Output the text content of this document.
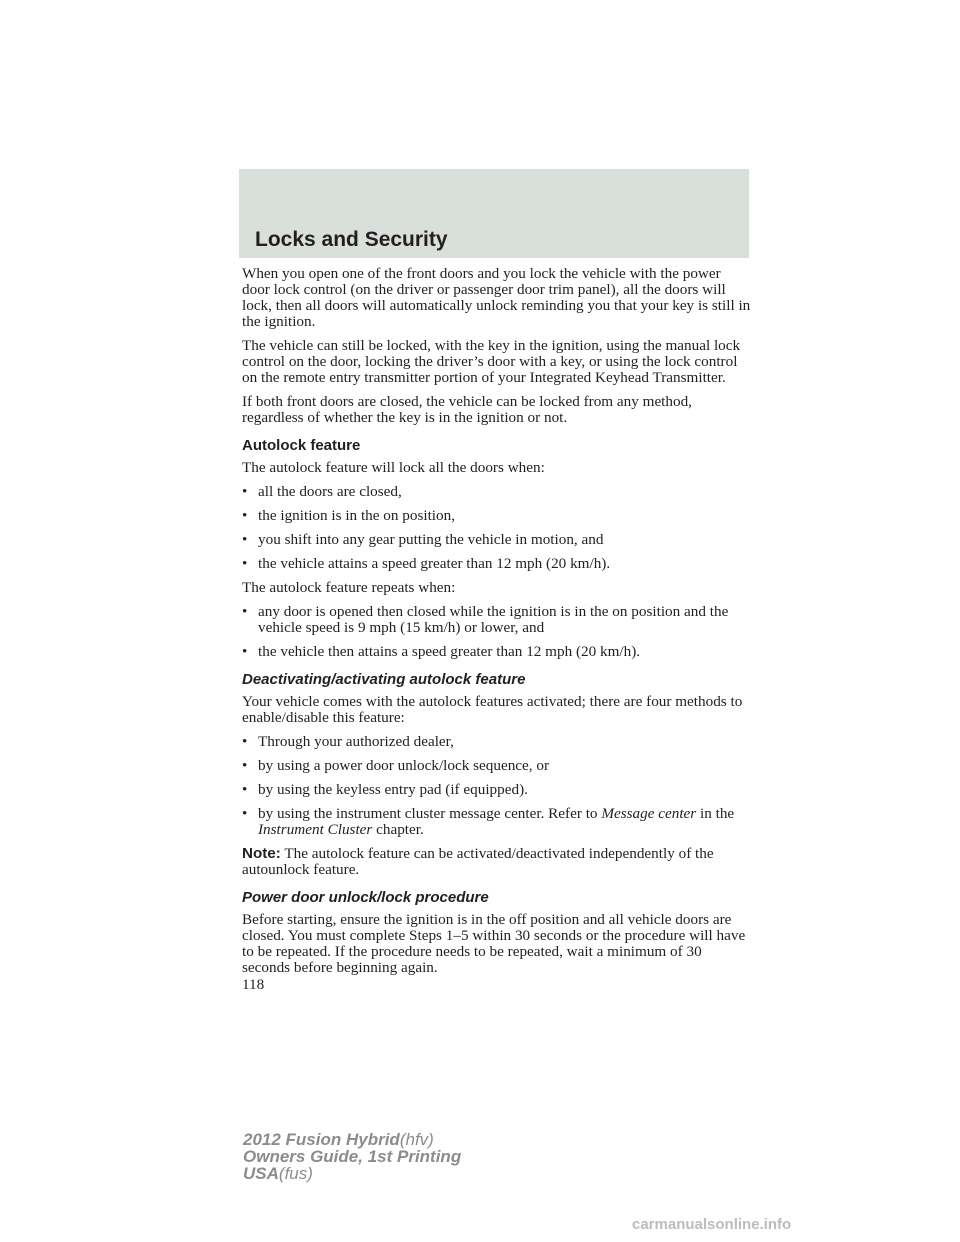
Locks and Security

When you open one of the front doors and you lock the vehicle with the power door lock control (on the driver or passenger door trim panel), all the doors will lock, then all doors will automatically unlock reminding you that your key is still in the ignition.

The vehicle can still be locked, with the key in the ignition, using the manual lock control on the door, locking the driver’s door with a key, or using the lock control on the remote entry transmitter portion of your Integrated Keyhead Transmitter.

If both front doors are closed, the vehicle can be locked from any method, regardless of whether the key is in the ignition or not.

Autolock feature

The autolock feature will lock all the doors when:

• all the doors are closed,
• the ignition is in the on position,
• you shift into any gear putting the vehicle in motion, and
• the vehicle attains a speed greater than 12 mph (20 km/h).

The autolock feature repeats when:

• any door is opened then closed while the ignition is in the on position and the vehicle speed is 9 mph (15 km/h) or lower, and
• the vehicle then attains a speed greater than 12 mph (20 km/h).
Deactivating/activating autolock feature

Your vehicle comes with the autolock features activated; there are four methods to enable/disable this feature:

• Through your authorized dealer,
• by using a power door unlock/lock sequence, or
• by using the keyless entry pad (if equipped).
• by using the instrument cluster message center. Refer to Message center in the Instrument Cluster chapter.

Note: The autolock feature can be activated/deactivated independently of the autounlock feature.

Power door unlock/lock procedure

Before starting, ensure the ignition is in the off position and all vehicle doors are closed. You must complete Steps 1–5 within 30 seconds or the procedure will have to be repeated. If the procedure needs to be repeated, wait a minimum of 30 seconds before beginning again.

118
2012 Fusion Hybrid(hfv)
Owners Guide, 1st Printing
USA(fus)
carmanualsonline.info
